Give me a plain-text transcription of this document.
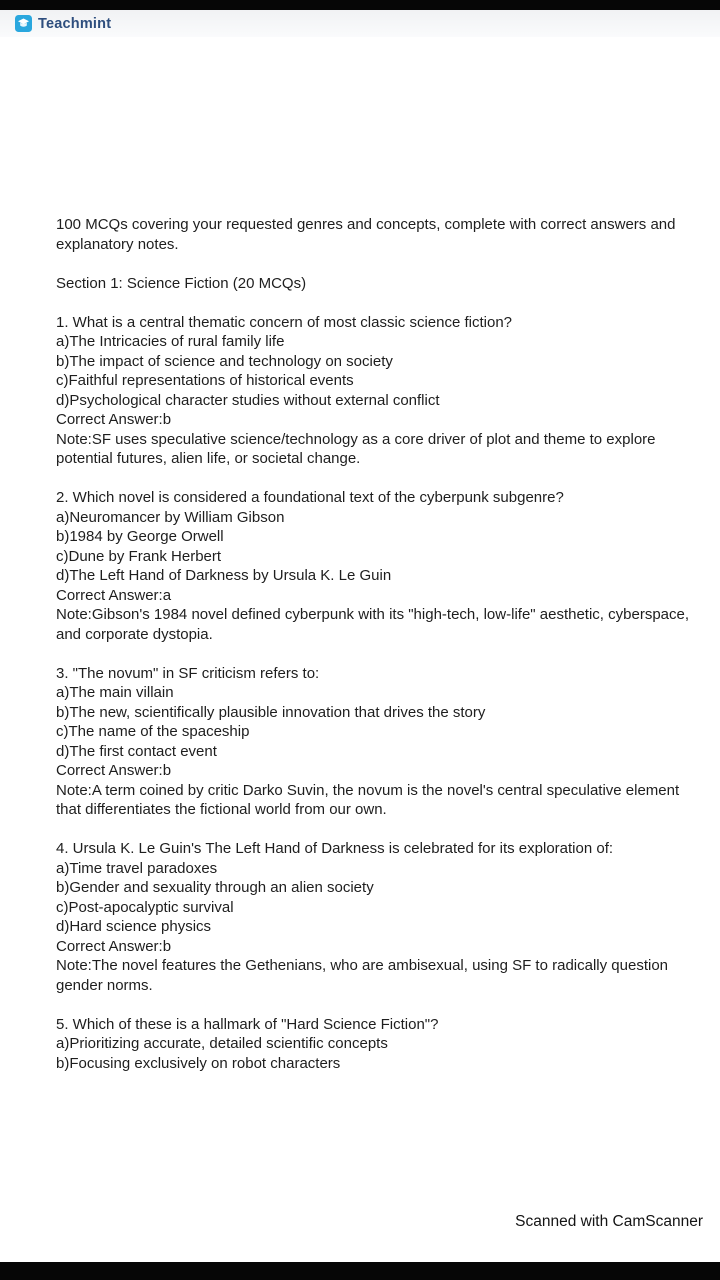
Teachmint
100 MCQs covering your requested genres and concepts, complete with correct answers and explanatory notes.
Section 1: Science Fiction (20 MCQs)
1. What is a central thematic concern of most classic science fiction?
a)The Intricacies of rural family life
b)The impact of science and technology on society
c)Faithful representations of historical events
d)Psychological character studies without external conflict
Correct Answer:b
Note:SF uses speculative science/technology as a core driver of plot and theme to explore potential futures, alien life, or societal change.
2. Which novel is considered a foundational text of the cyberpunk subgenre?
a)Neuromancer by William Gibson
b)1984 by George Orwell
c)Dune by Frank Herbert
d)The Left Hand of Darkness by Ursula K. Le Guin
Correct Answer:a
Note:Gibson's 1984 novel defined cyberpunk with its "high-tech, low-life" aesthetic, cyberspace, and corporate dystopia.
3. "The novum" in SF criticism refers to:
a)The main villain
b)The new, scientifically plausible innovation that drives the story
c)The name of the spaceship
d)The first contact event
Correct Answer:b
Note:A term coined by critic Darko Suvin, the novum is the novel's central speculative element that differentiates the fictional world from our own.
4. Ursula K. Le Guin's The Left Hand of Darkness is celebrated for its exploration of:
a)Time travel paradoxes
b)Gender and sexuality through an alien society
c)Post-apocalyptic survival
d)Hard science physics
Correct Answer:b
Note:The novel features the Gethenians, who are ambisexual, using SF to radically question gender norms.
5. Which of these is a hallmark of "Hard Science Fiction"?
a)Prioritizing accurate, detailed scientific concepts
b)Focusing exclusively on robot characters
Scanned with CamScanner
